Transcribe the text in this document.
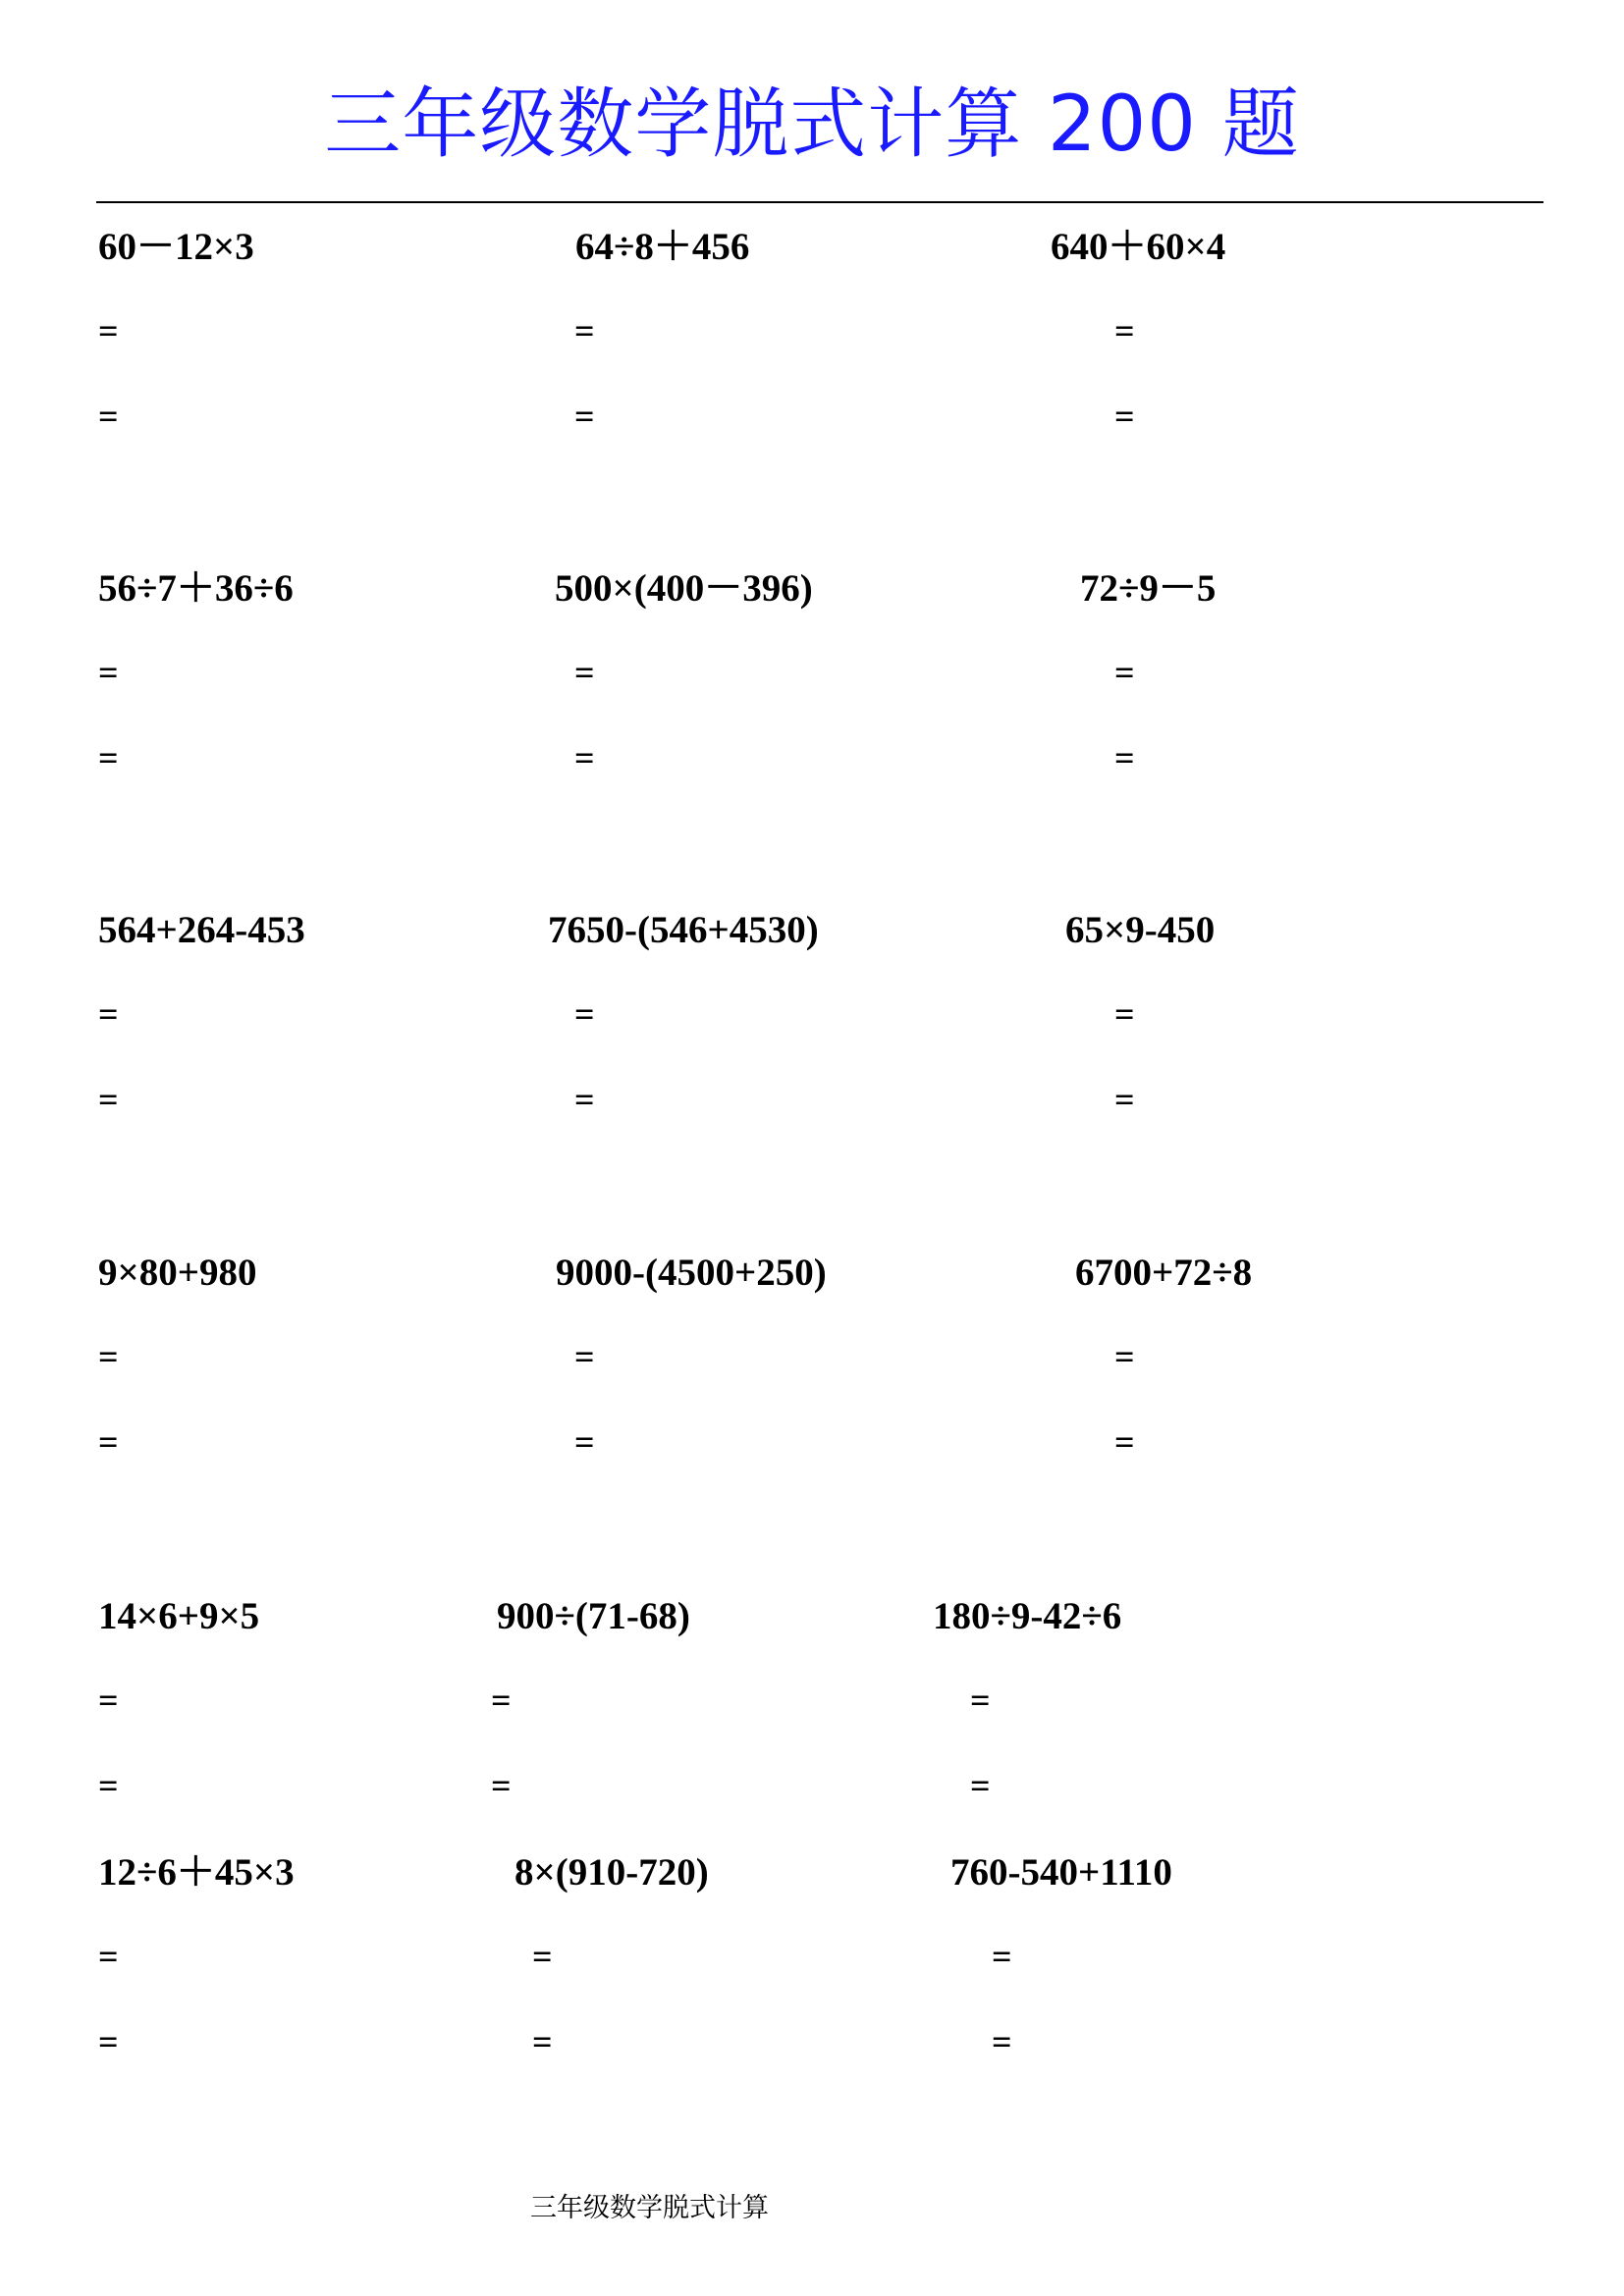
三年级数学脱式计算 200 题
60－12×3
=
=
64÷8＋456
=
=
640＋60×4
=
=
56÷7＋36÷6
=
=
500×(400－396)
=
=
72÷9－5
=
=
564+264-453
=
=
7650-(546+4530)
=
=
65×9-450
=
=
9×80+980
=
=
9000-(4500+250)
=
=
6700+72÷8
=
=
14×6+9×5
=
=
900÷(71-68)
=
=
180÷9-42÷6
=
=
12÷6＋45×3
=
=
8×(910-720)
=
=
760-540+1110
=
=
三年级数学脱式计算
